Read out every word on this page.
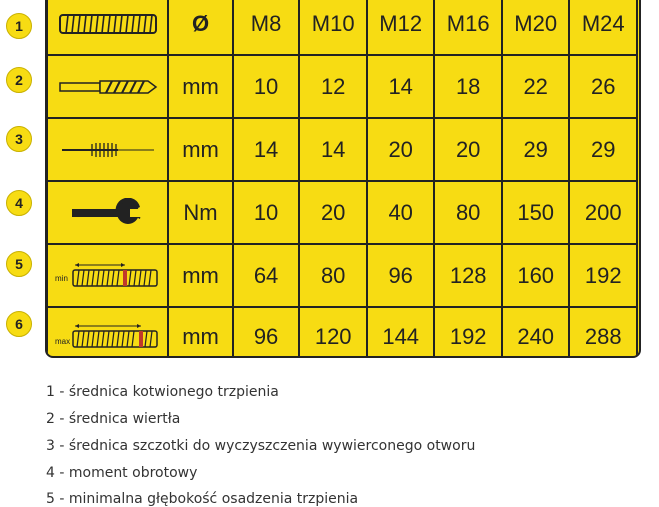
1
2
3
4
5
6
	Ø	M8	M10	M12	M16	M20	M24

	mm	10	12	14	18	22	26

	mm	14	14	20	20	29	29

	Nm	10	20	40	80	150	200

min	mm	64	80	96	128	160	192

max	mm	96	120	144	192	240	288
1 - średnica kotwionego trzpienia
2 - średnica wiertła
3 - średnica szczotki do wyczyszczenia wywierconego otworu
4 - moment obrotowy
5 - minimalna głębokość osadzenia trzpienia
